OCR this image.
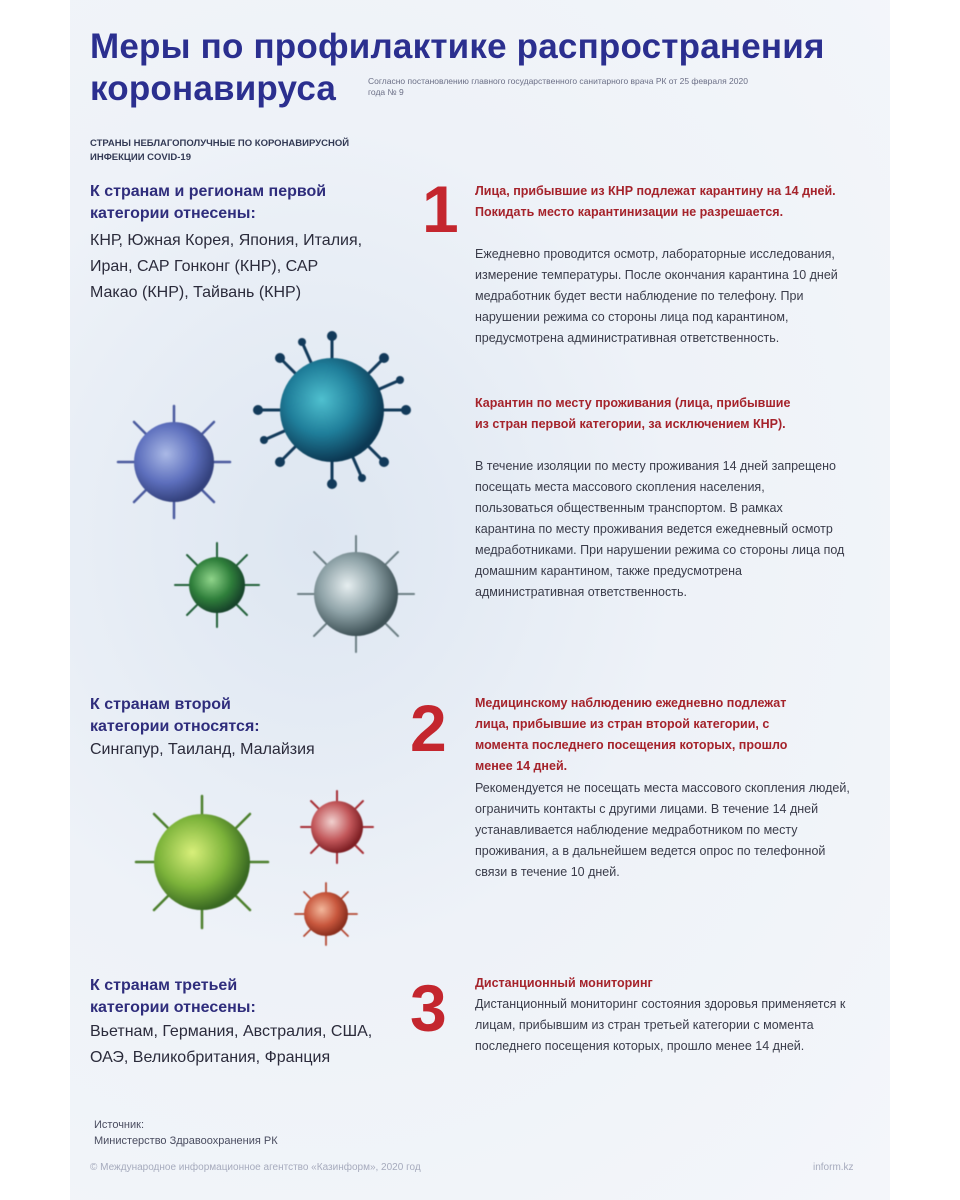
Меры по профилактике распространения коронавируса	Согласно постановлению главного государственного санитарного врача РК от 25 февраля 2020 года № 9
СТРАНЫ НЕБЛАГОПОЛУЧНЫЕ ПО КОРОНАВИРУСНОЙ ИНФЕКЦИИ COVID-19
К странам и регионам первой категории отнесены:
КНР, Южная Корея, Япония, Италия, Иран, САР Гонконг (КНР), САР Макао (КНР), Тайвань (КНР)
К странам второй категории относятся:
Сингапур, Таиланд, Малайзия
К странам третьей категории отнесены:
Вьетнам, Германия, Австралия, США, ОАЭ, Великобритания, Франция
1 Лица, прибывшие из КНР подлежат карантину на 14 дней. Покидать место карантинизации не разрешается.
Ежедневно проводится осмотр, лабораторные исследования, измерение температуры. После окончания карантина 10 дней медработник будет вести наблюдение по телефону. При нарушении режима со стороны лица под карантином, предусмотрена административная ответственность.
Карантин по месту проживания (лица, прибывшие из стран первой категории, за исключением КНР).
В течение изоляции по месту проживания 14 дней запрещено посещать места массового скопления населения, пользоваться общественным транспортом. В рамках карантина по месту проживания ведется ежедневный осмотр медработниками. При нарушении режима со стороны лица под домашним карантином, также предусмотрена административная ответственность.
2 Медицинскому наблюдению ежедневно подлежат лица, прибывшие из стран второй категории, с момента последнего посещения которых, прошло менее 14 дней.
Рекомендуется не посещать места массового скопления людей, ограничить контакты с другими лицами. В течение 14 дней устанавливается наблюдение медработником по месту проживания, а в дальнейшем ведется опрос по телефонной связи в течение 10 дней.
3 Дистанционный мониторинг
Дистанционный мониторинг состояния здоровья применяется к лицам, прибывшим из стран третьей категории с момента последнего посещения которых, прошло менее 14 дней.
Источник:
Министерство Здравоохранения РК
© Международное информационное агентство «Казинформ», 2020 год	inform.kz
